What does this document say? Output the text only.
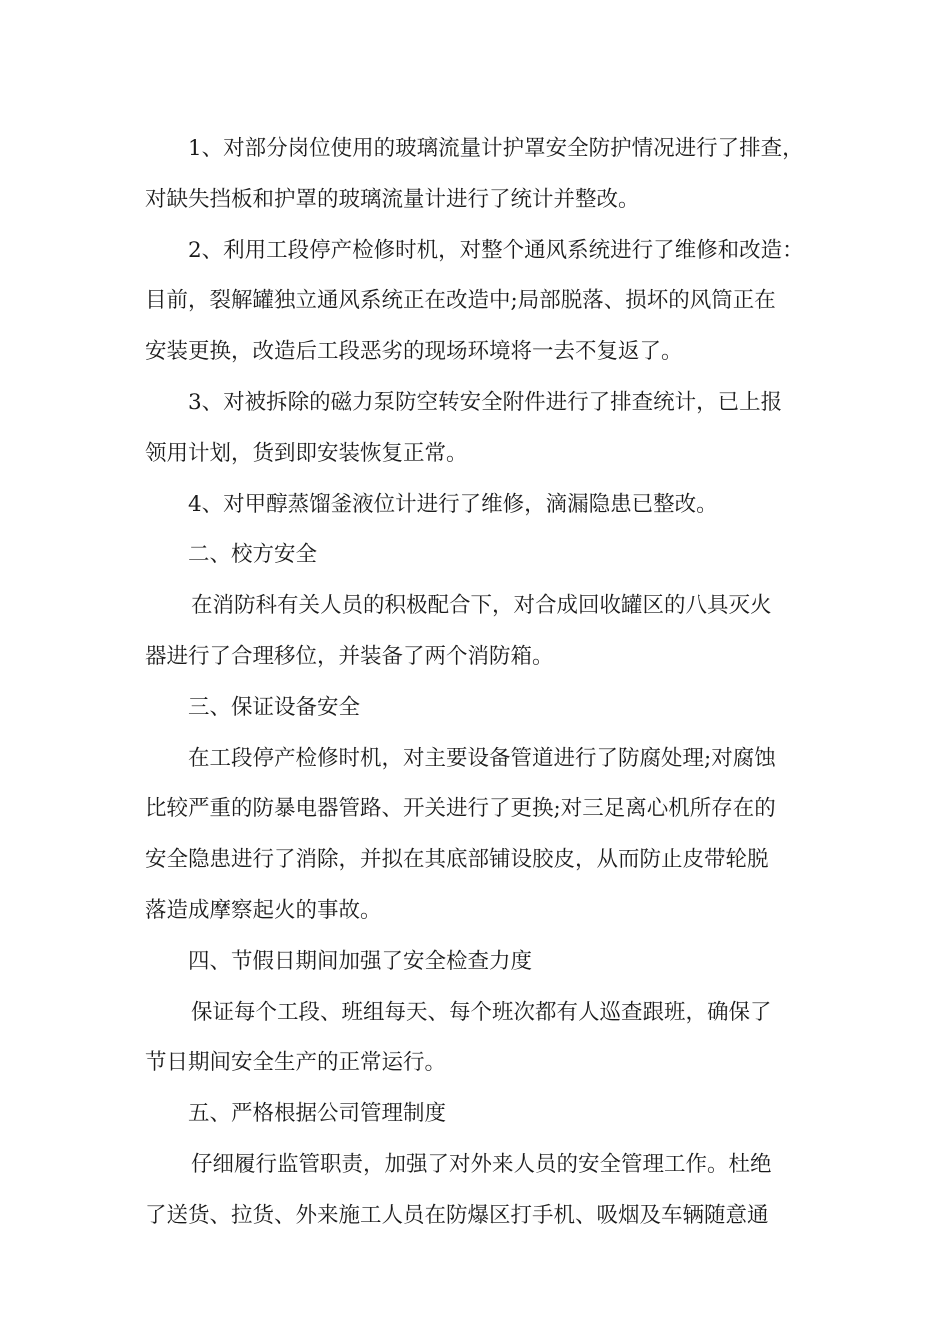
1、对部分岗位使用的玻璃流量计护罩安全防护情况进行了排查，
对缺失挡板和护罩的玻璃流量计进行了统计并整改。
2、利用工段停产检修时机，对整个通风系统进行了维修和改造：
目前，裂解罐独立通风系统正在改造中;局部脱落、损坏的风筒正在
安装更换，改造后工段恶劣的现场环境将一去不复返了。
3、对被拆除的磁力泵防空转安全附件进行了排查统计，已上报
领用计划，货到即安装恢复正常。
4、对甲醇蒸馏釜液位计进行了维修，滴漏隐患已整改。
二、校方安全
在消防科有关人员的积极配合下，对合成回收罐区的八具灭火
器进行了合理移位，并装备了两个消防箱。
三、保证设备安全
在工段停产检修时机，对主要设备管道进行了防腐处理;对腐蚀
比较严重的防暴电器管路、开关进行了更换;对三足离心机所存在的
安全隐患进行了消除，并拟在其底部铺设胶皮，从而防止皮带轮脱
落造成摩察起火的事故。
四、节假日期间加强了安全检查力度
保证每个工段、班组每天、每个班次都有人巡查跟班，确保了
节日期间安全生产的正常运行。
五、严格根据公司管理制度
仔细履行监管职责，加强了对外来人员的安全管理工作。杜绝
了送货、拉货、外来施工人员在防爆区打手机、吸烟及车辆随意通
